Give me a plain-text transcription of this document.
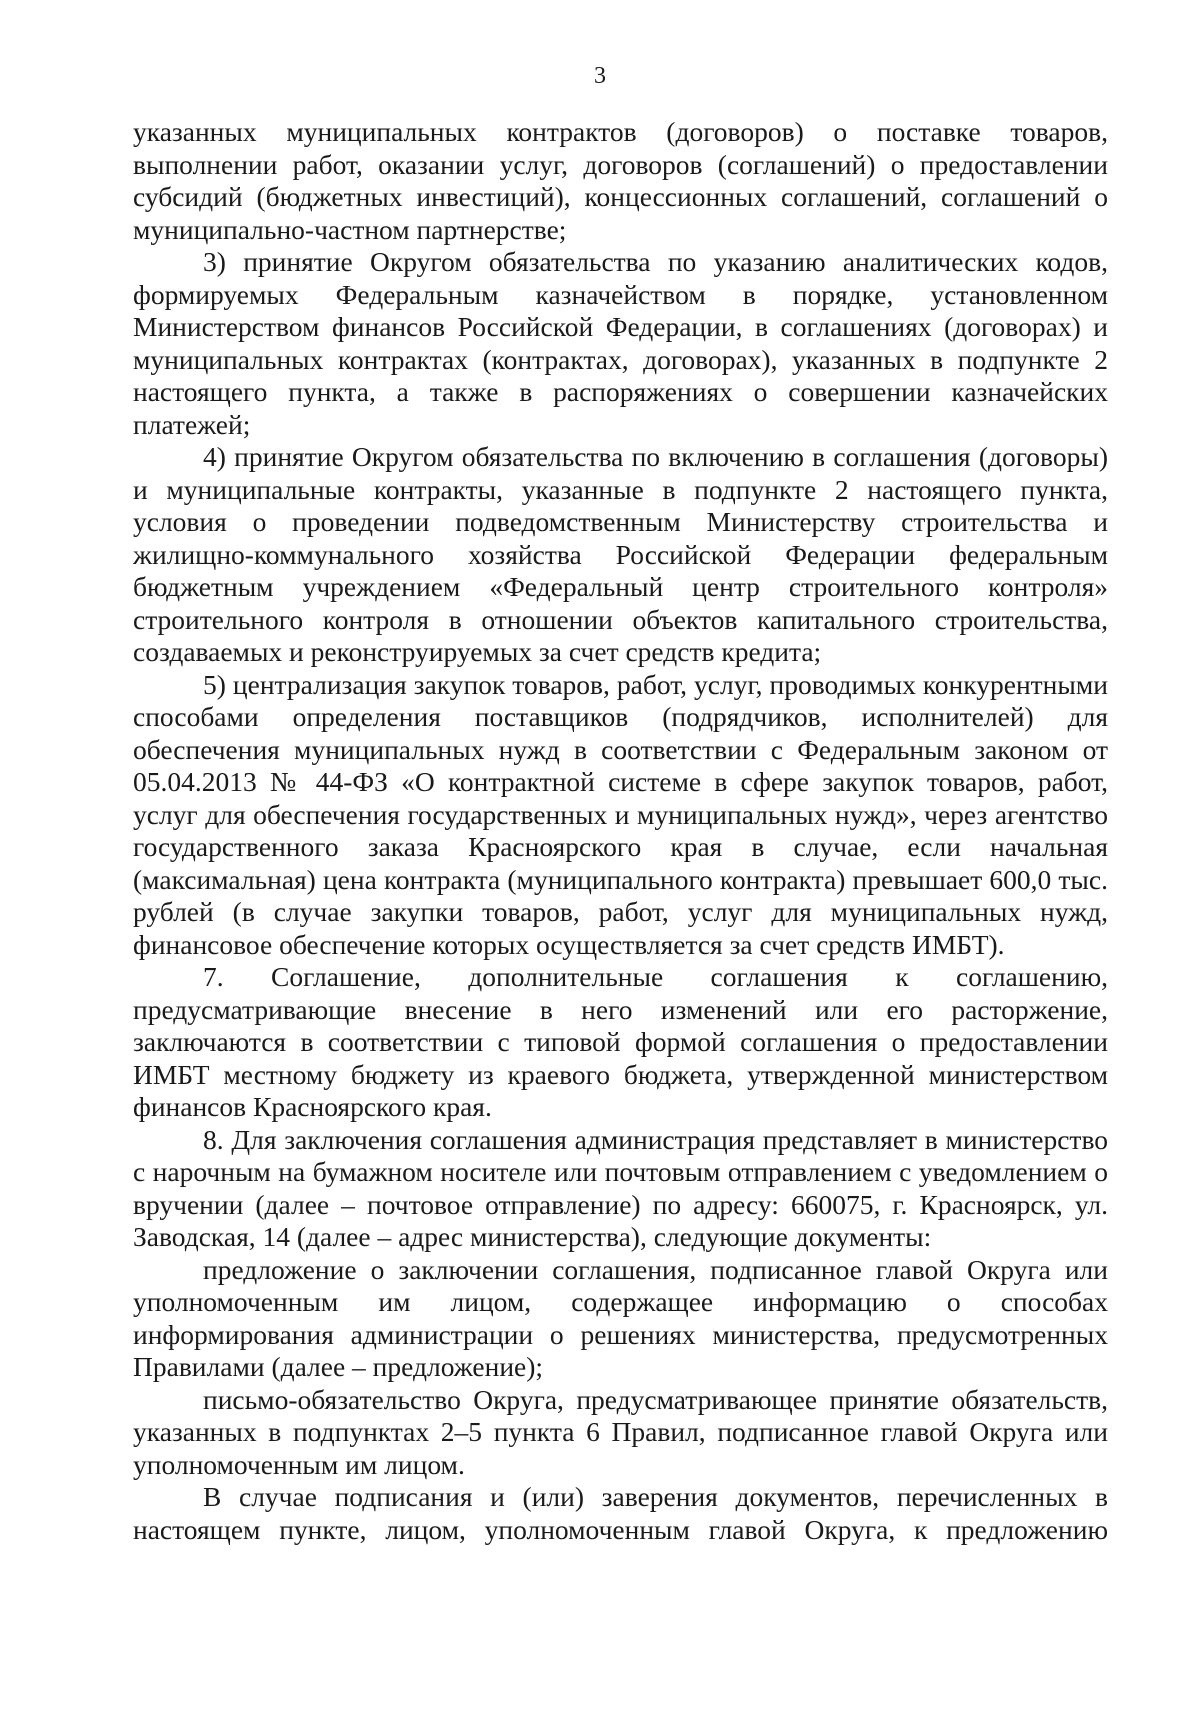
3

указанных муниципальных контрактов (договоров) о поставке товаров, выполнении работ, оказании услуг, договоров (соглашений) о предоставлении субсидий (бюджетных инвестиций), концессионных соглашений, соглашений о муниципально-частном партнерстве;

3) принятие Округом обязательства по указанию аналитических кодов, формируемых Федеральным казначейством в порядке, установленном Министерством финансов Российской Федерации, в соглашениях (договорах) и муниципальных контрактах (контрактах, договорах), указанных в подпункте 2 настоящего пункта, а также в распоряжениях о совершении казначейских платежей;

4) принятие Округом обязательства по включению в соглашения (договоры) и муниципальные контракты, указанные в подпункте 2 настоящего пункта, условия о проведении подведомственным Министерству строительства и жилищно-коммунального хозяйства Российской Федерации федеральным бюджетным учреждением «Федеральный центр строительного контроля» строительного контроля в отношении объектов капитального строительства, создаваемых и реконструируемых за счет средств кредита;

5) централизация закупок товаров, работ, услуг, проводимых конкурентными способами определения поставщиков (подрядчиков, исполнителей) для обеспечения муниципальных нужд в соответствии с Федеральным законом от 05.04.2013 № 44-ФЗ «О контрактной системе в сфере закупок товаров, работ, услуг для обеспечения государственных и муниципальных нужд», через агентство государственного заказа Красноярского края в случае, если начальная (максимальная) цена контракта (муниципального контракта) превышает 600,0 тыс. рублей (в случае закупки товаров, работ, услуг для муниципальных нужд, финансовое обеспечение которых осуществляется за счет средств ИМБТ).

7. Соглашение, дополнительные соглашения к соглашению, предусматривающие внесение в него изменений или его расторжение, заключаются в соответствии с типовой формой соглашения о предоставлении ИМБТ местному бюджету из краевого бюджета, утвержденной министерством финансов Красноярского края.

8. Для заключения соглашения администрация представляет в министерство с нарочным на бумажном носителе или почтовым отправлением с уведомлением о вручении (далее – почтовое отправление) по адресу: 660075, г. Красноярск, ул. Заводская, 14 (далее – адрес министерства), следующие документы:

предложение о заключении соглашения, подписанное главой Округа или уполномоченным им лицом, содержащее информацию о способах информирования администрации о решениях министерства, предусмотренных Правилами (далее – предложение);

письмо-обязательство Округа, предусматривающее принятие обязательств, указанных в подпунктах 2–5 пункта 6 Правил, подписанное главой Округа или уполномоченным им лицом.

В случае подписания и (или) заверения документов, перечисленных в настоящем пункте, лицом, уполномоченным главой Округа, к предложению
